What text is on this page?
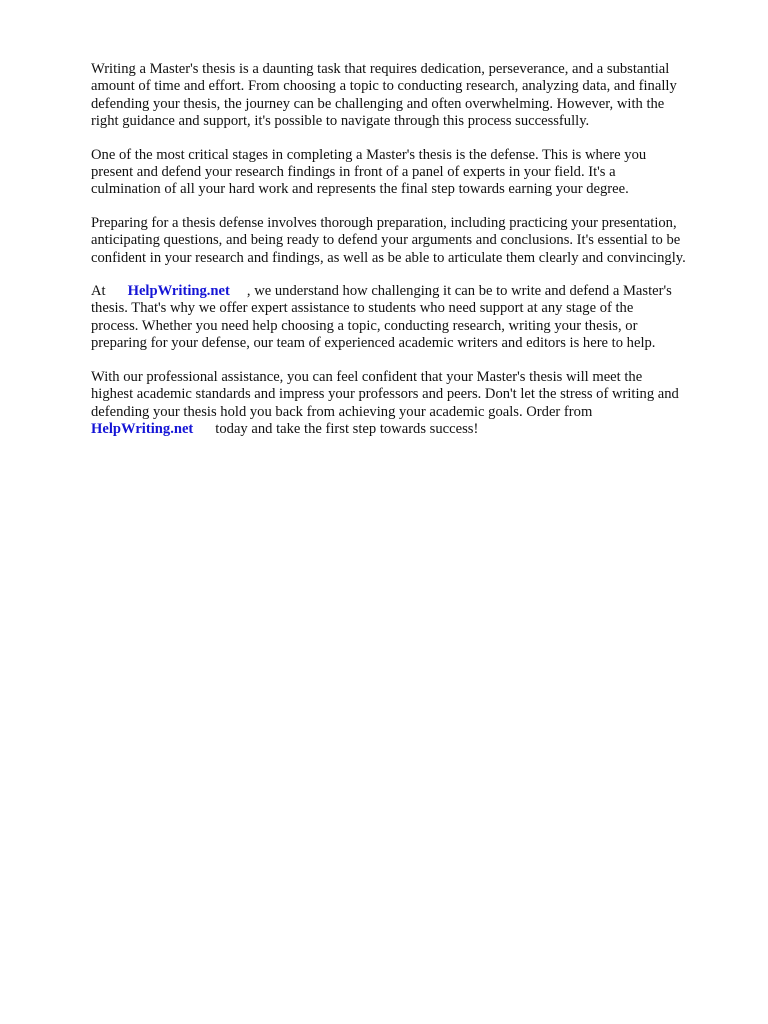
Writing a Master's thesis is a daunting task that requires dedication, perseverance, and a substantial
amount of time and effort. From choosing a topic to conducting research, analyzing data, and finally
defending your thesis, the journey can be challenging and often overwhelming. However, with the
right guidance and support, it's possible to navigate through this process successfully.

One of the most critical stages in completing a Master's thesis is the defense. This is where you
present and defend your research findings in front of a panel of experts in your field. It's a
culmination of all your hard work and represents the final step towards earning your degree.

Preparing for a thesis defense involves thorough preparation, including practicing your presentation,
anticipating questions, and being ready to defend your arguments and conclusions. It's essential to be
confident in your research and findings, as well as be able to articulate them clearly and convincingly.

At HelpWriting.net , we understand how challenging it can be to write and defend a Master's
thesis. That's why we offer expert assistance to students who need support at any stage of the
process. Whether you need help choosing a topic, conducting research, writing your thesis, or
preparing for your defense, our team of experienced academic writers and editors is here to help.

With our professional assistance, you can feel confident that your Master's thesis will meet the
highest academic standards and impress your professors and peers. Don't let the stress of writing and
defending your thesis hold you back from achieving your academic goals. Order from
HelpWriting.net today and take the first step towards success!
